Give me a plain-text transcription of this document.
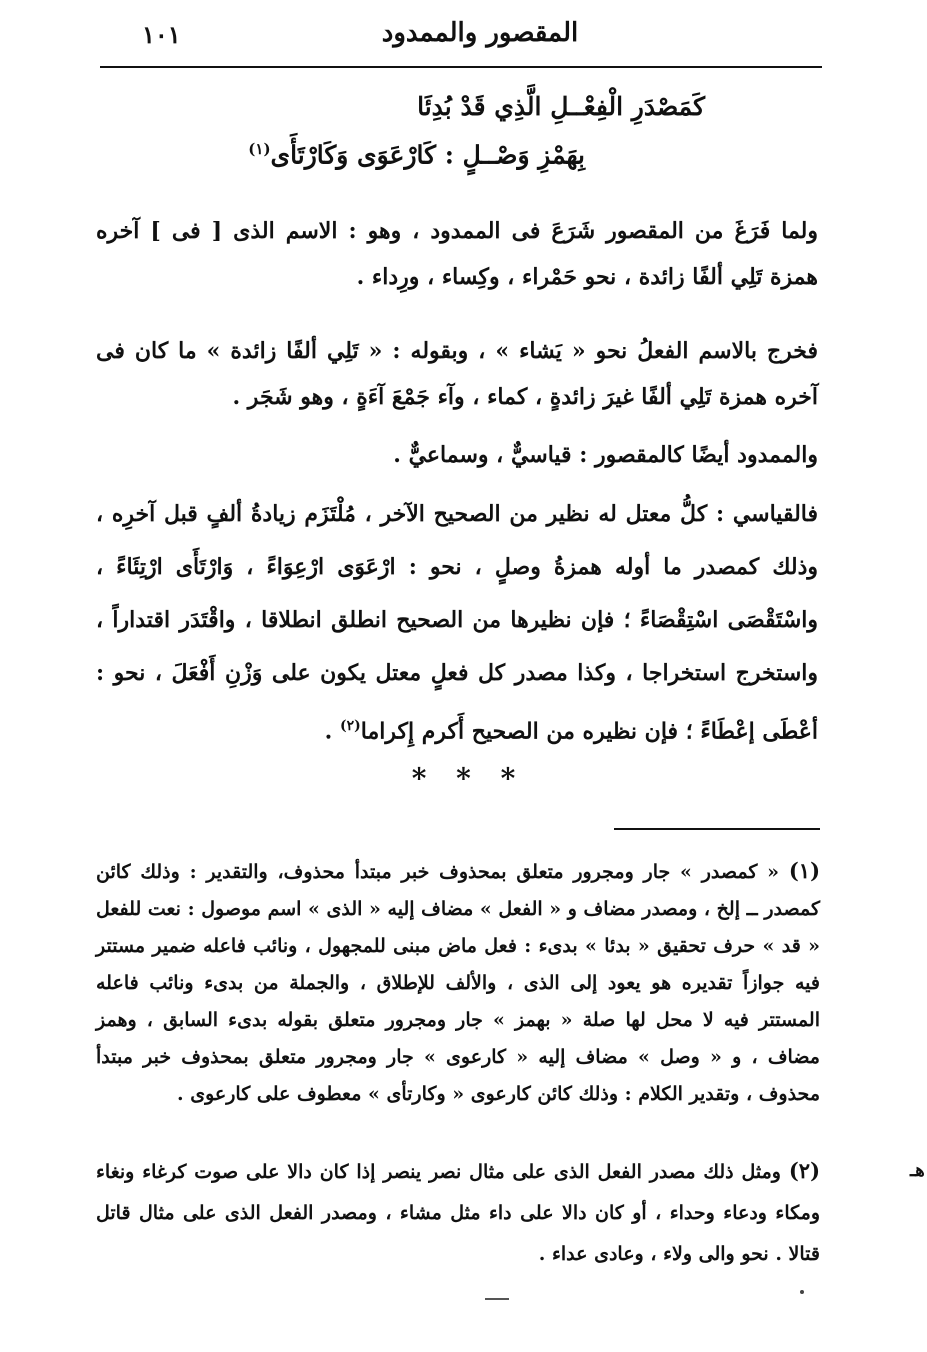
١٠١	المقصور والممدود
كَمَصْدَرِ الْفِعْــلِ الَّذِي قَدْ بُدِئَا
بِهَمْزِ وَصْــلٍ : كَارْعَوَى وَكَارْتَأَى$^{(١)}$
ولما فَرَغَ من المقصور شَرَعَ فى الممدود ، وهو : الاسم الذى [ فى ] آخره همزة تَلِي ألفًا زائدة ، نحو حَمْراء ، وكِساء ، ورِداء .
فخرج بالاسم الفعلُ نحو « يَشاء » ، وبقوله : « تَلِي ألفًا زائدة » ما كان فى آخره همزة تَلِي ألفًا غيرَ زائدةٍ ، كماء ، وآء جَمْعَ آءَةٍ ، وهو شَجَر .
والممدود أيضًا كالمقصور : قياسيٌّ ، وسماعيٌّ .
فالقياسي : كلُّ معتل له نظير من الصحيح الآخر ، مُلْتَزَم زيادةُ ألفٍ قبل آخرِه ، وذلك كمصدر ما أوله همزةُ وصلٍ ، نحو : ارْعَوَى ارْعِوَاءً ، وَارْتَأَى ارْتِئَاءً ، واسْتَقْصَى اسْتِقْصَاءً ؛ فإن نظيرها من الصحيح انطلق انطلاقا ، واقْتَدَر اقتداراً ، واستخرج استخراجا ، وكذا مصدر كل فعلٍ معتل يكون على وَزْنِ أَفْعَلَ ، نحو : أعْطَى إعْطَاءً ؛ فإن نظيره من الصحيح أَكرم إِكراما$^{(٢)}$ .
* * *
(١) « كمصدر » جار ومجرور متعلق بمحذوف خبر مبتدأ محذوف، والتقدير : وذلك كائن كمصدر ــ إلخ ، ومصدر مضاف و « الفعل » مضاف إليه « الذى » اسم موصول : نعت للفعل « قد » حرف تحقيق « بدئا » بدىء : فعل ماض مبنى للمجهول ، ونائب فاعله ضمير مستتر فيه جوازاً تقديره هو يعود إلى الذى ، والألف للإطلاق ، والجملة من بدىء ونائب فاعله المستتر فيه لا محل لها صلة « بهمز » جار ومجرور متعلق بقوله بدىء السابق ، وهمز مضاف ، و « وصل » مضاف إليه « كارعوى » جار ومجرور متعلق بمحذوف خبر مبتدأ محذوف ، وتقدير الكلام : وذلك كائن كارعوى « وكارتأى » معطوف على كارعوى .
(٢) ومثل ذلك مصدر الفعل الذى على مثال نصر ينصر إذا كان دالا على صوت كرغاء ونغاء ومكاء ودعاء وحداء ، أو كان دالا على داء مثل مشاء ، ومصدر الفعل الذى على مثال قاتل قتالا . نحو والى ولاء ، وعادى عداء .
هـ
